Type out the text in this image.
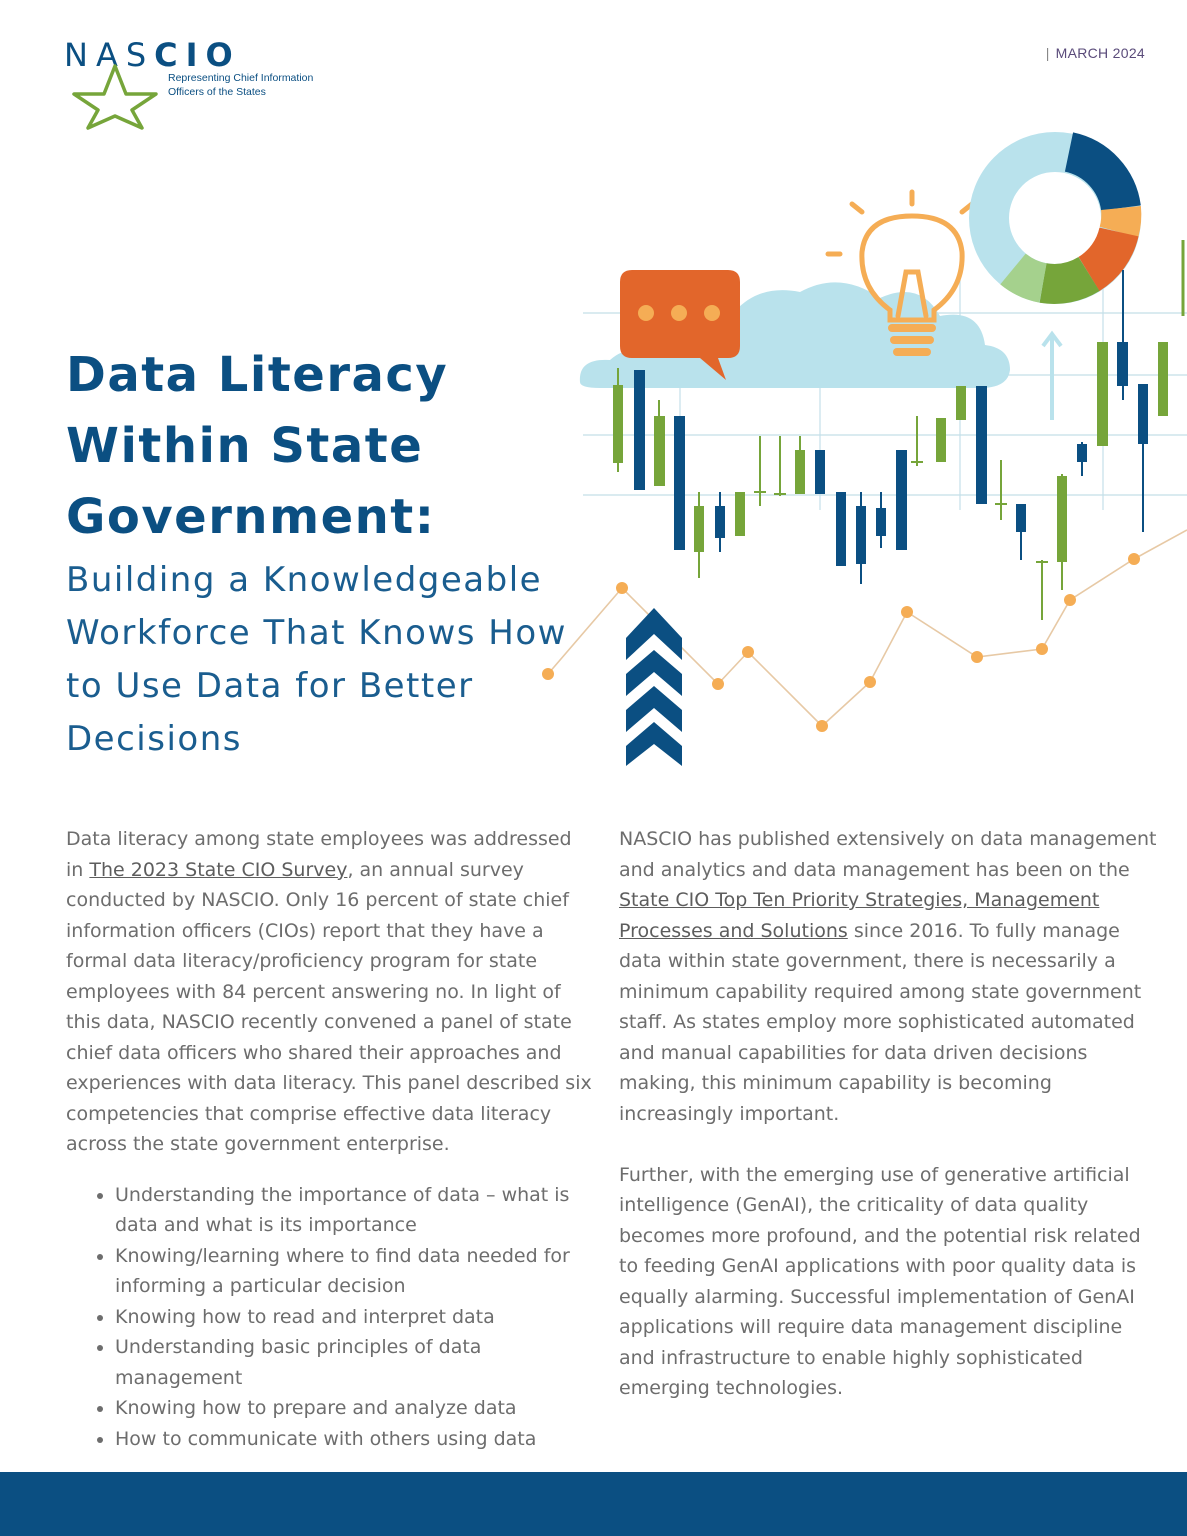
NASCIO
Representing Chief Information
Officers of the States
| MARCH 2024
Data Literacy Within State Government:
Building a Knowledgeable Workforce That Knows How to Use Data for Better Decisions

Data literacy among state employees was addressed in The 2023 State CIO Survey, an annual survey conducted by NASCIO. Only 16 percent of state chief information officers (CIOs) report that they have a formal data literacy/proficiency program for state employees with 84 percent answering no. In light of this data, NASCIO recently convened a panel of state chief data officers who shared their approaches and experiences with data literacy. This panel described six competencies that comprise effective data literacy across the state government enterprise.

• Understanding the importance of data – what is data and what is its importance
• Knowing/learning where to find data needed for informing a particular decision
• Knowing how to read and interpret data
• Understanding basic principles of data management
• Knowing how to prepare and analyze data
• How to communicate with others using data

NASCIO has published extensively on data management and analytics and data management has been on the State CIO Top Ten Priority Strategies, Management Processes and Solutions since 2016. To fully manage data within state government, there is necessarily a minimum capability required among state government staff. As states employ more sophisticated automated and manual capabilities for data driven decisions making, this minimum capability is becoming increasingly important.

Further, with the emerging use of generative artificial intelligence (GenAI), the criticality of data quality becomes more profound, and the potential risk related to feeding GenAI applications with poor quality data is equally alarming. Successful implementation of GenAI applications will require data management discipline and infrastructure to enable highly sophisticated emerging technologies.
